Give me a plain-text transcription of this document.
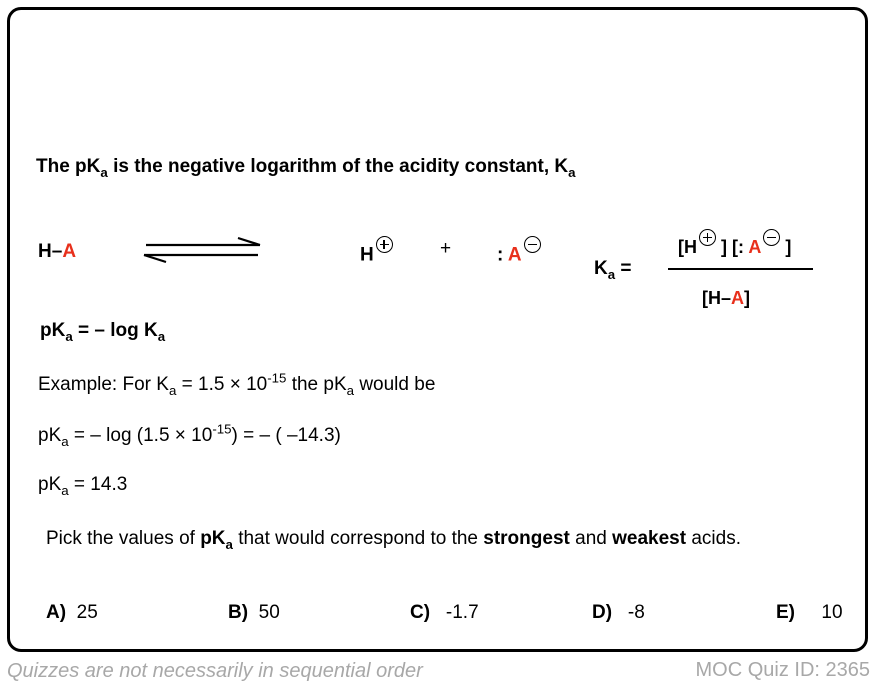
The $pK_a$ is the negative logarithm of the acidity constant, $K_a$
H–A	H	+ : A
$K_a$ =
[H ] [: A ]
[H–A]
$pK_a$ = – $\log K_a$
Example: For $K_a = 1.5 \times 10^{-15}$ the $pK_a$ would be
$pK_a$ = – $\log (1.5 \times 10^{-15})$ = – ( –14.3)
$pK_a = 14.3$
Pick the values of $pK_a$ that would correspond to the strongest and weakest acids.
A) 25	B) 50	C) -1.7	D) -8	E) 10
Quizzes are not necessarily in sequential order	MOC Quiz ID: 2365
